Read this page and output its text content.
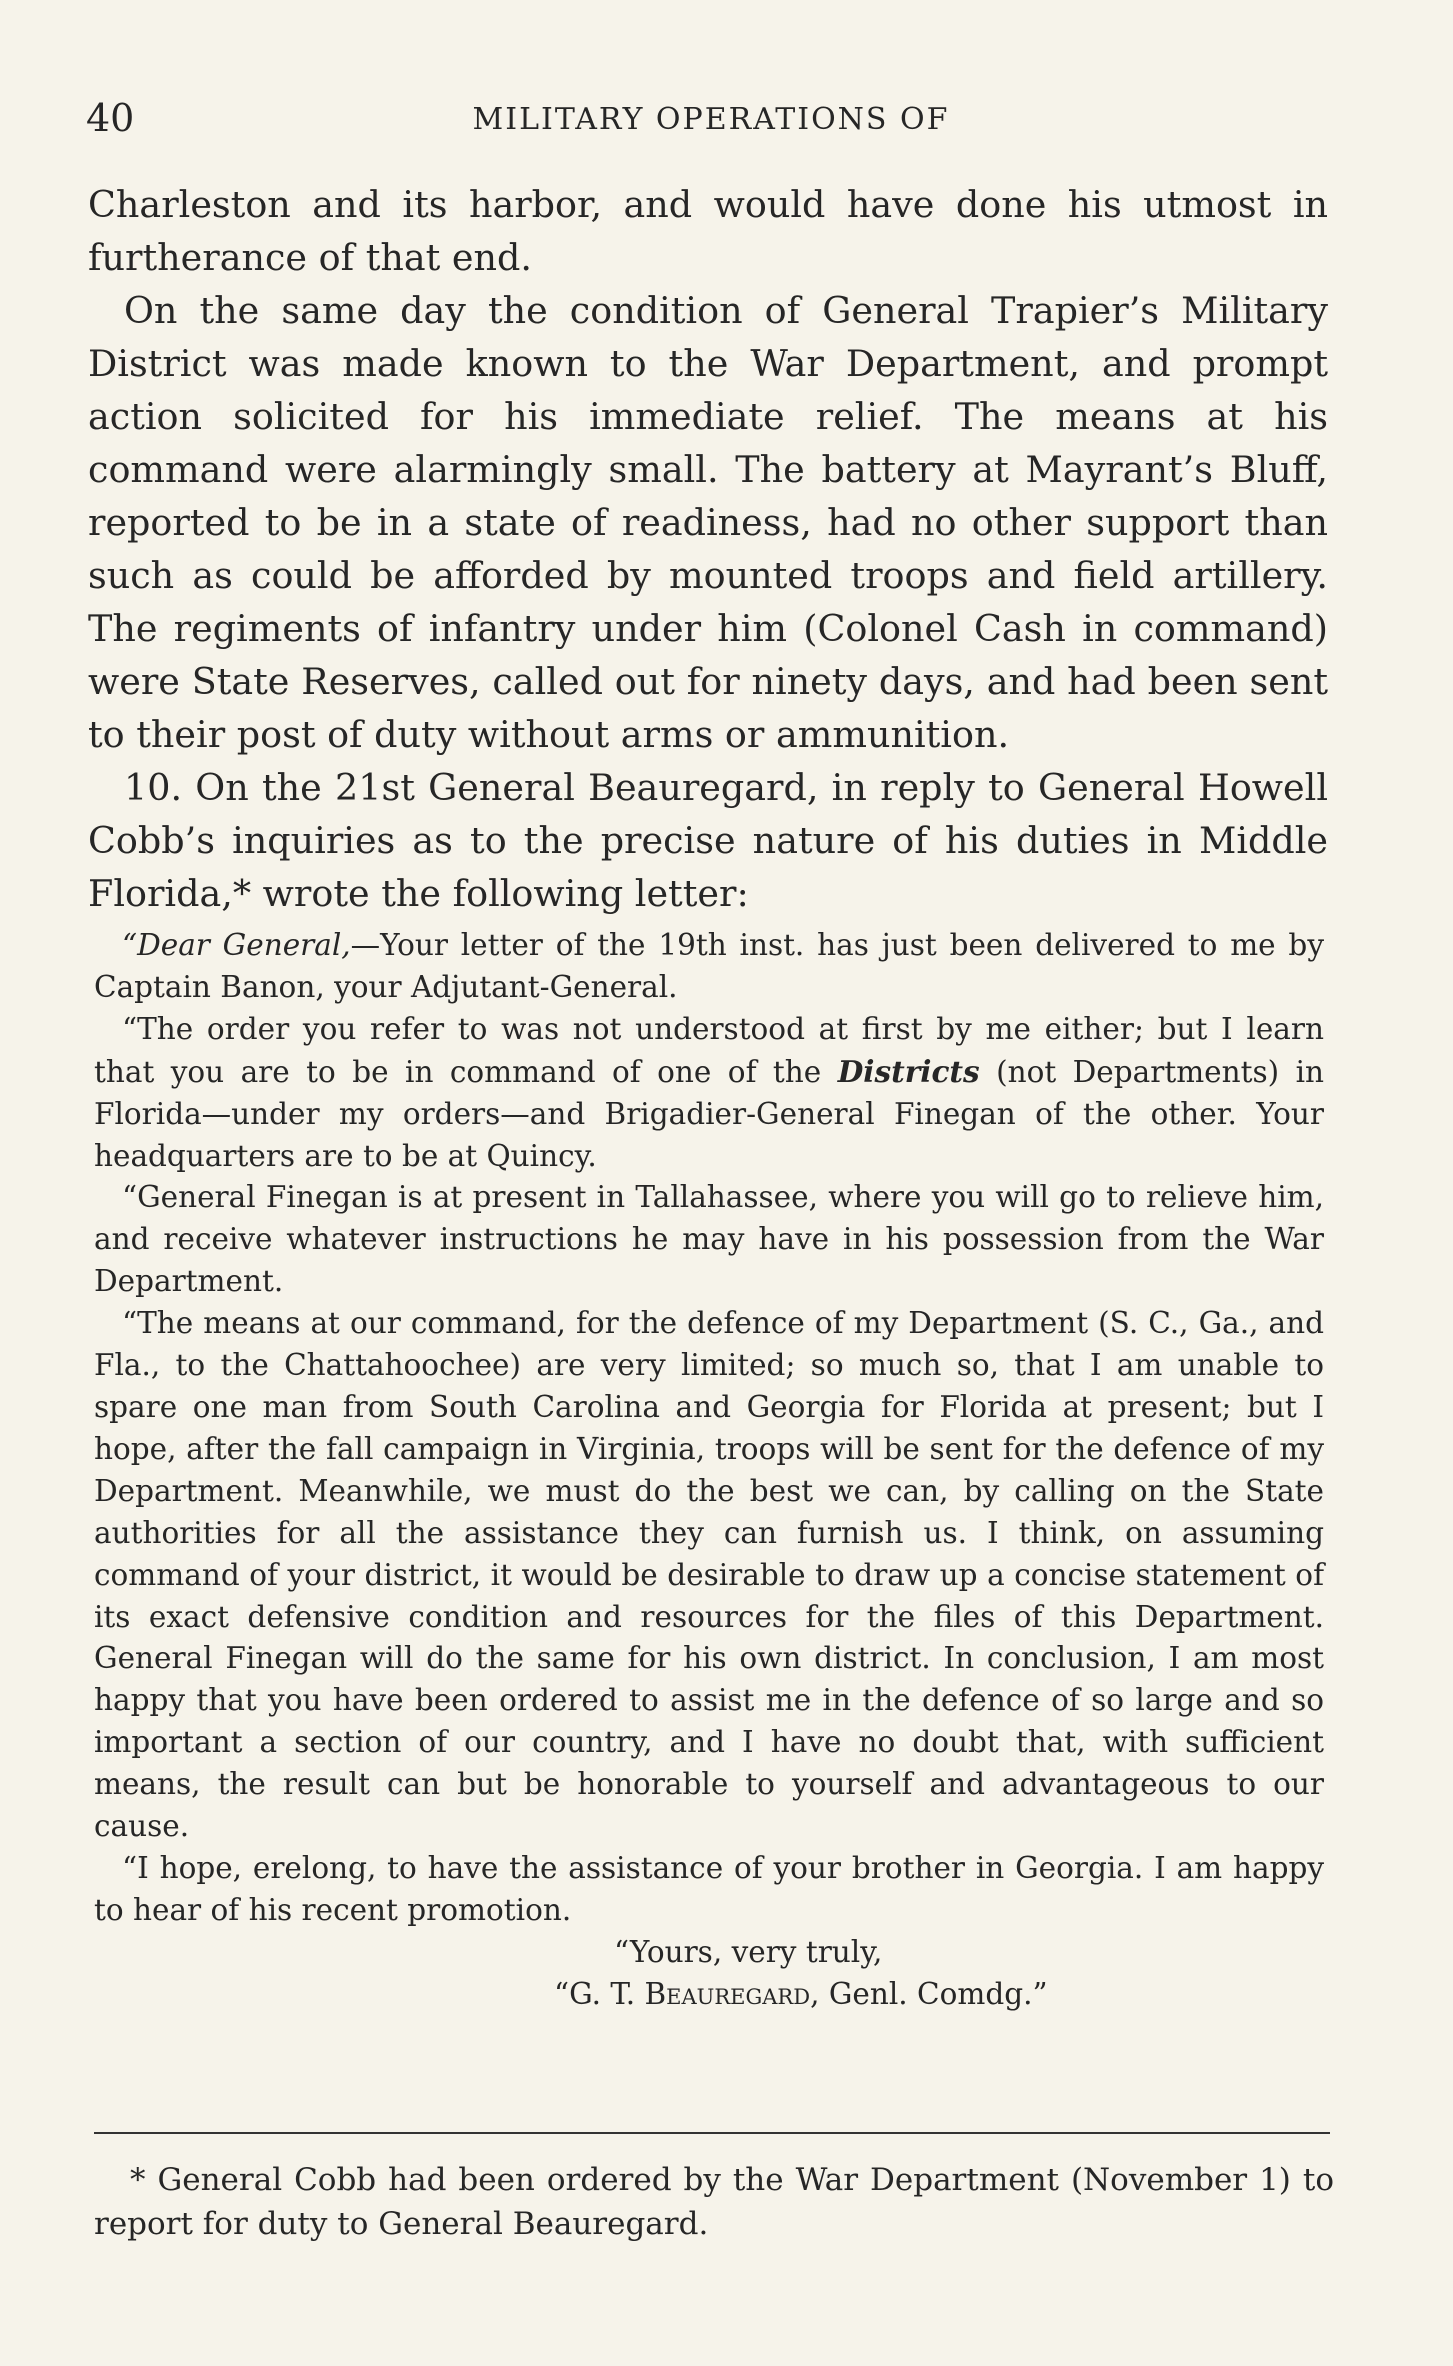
40	MILITARY OPERATIONS OF

Charleston and its harbor, and would have done his utmost in furtherance of that end.

On the same day the condition of General Trapier’s Military District was made known to the War Department, and prompt action solicited for his immediate relief. The means at his command were alarmingly small. The battery at Mayrant’s Bluff, reported to be in a state of readiness, had no other support than such as could be afforded by mounted troops and field artillery. The regiments of infantry under him (Colonel Cash in command) were State Reserves, called out for ninety days, and had been sent to their post of duty without arms or ammunition.

10. On the 21st General Beauregard, in reply to General Howell Cobb’s inquiries as to the precise nature of his duties in Middle Florida,* wrote the following letter:

“Dear General,—Your letter of the 19th inst. has just been delivered to me by Captain Banon, your Adjutant-General.

“The order you refer to was not understood at first by me either; but I learn that you are to be in command of one of the Districts (not Departments) in Florida—under my orders—and Brigadier-General Finegan of the other. Your headquarters are to be at Quincy.

“General Finegan is at present in Tallahassee, where you will go to relieve him, and receive whatever instructions he may have in his possession from the War Department.

“The means at our command, for the defence of my Department (S. C., Ga., and Fla., to the Chattahoochee) are very limited; so much so, that I am unable to spare one man from South Carolina and Georgia for Florida at present; but I hope, after the fall campaign in Virginia, troops will be sent for the defence of my Department. Meanwhile, we must do the best we can, by calling on the State authorities for all the assistance they can furnish us. I think, on assuming command of your district, it would be desirable to draw up a concise statement of its exact defensive condition and resources for the files of this Department. General Finegan will do the same for his own district. In conclusion, I am most happy that you have been ordered to assist me in the defence of so large and so important a section of our country, and I have no doubt that, with sufficient means, the result can but be honorable to yourself and advantageous to our cause.

“I hope, erelong, to have the assistance of your brother in Georgia. I am happy to hear of his recent promotion.

“Yours, very truly,

“G. T. Beauregard, Genl. Comdg.”

* General Cobb had been ordered by the War Department (November 1) to report for duty to General Beauregard.
